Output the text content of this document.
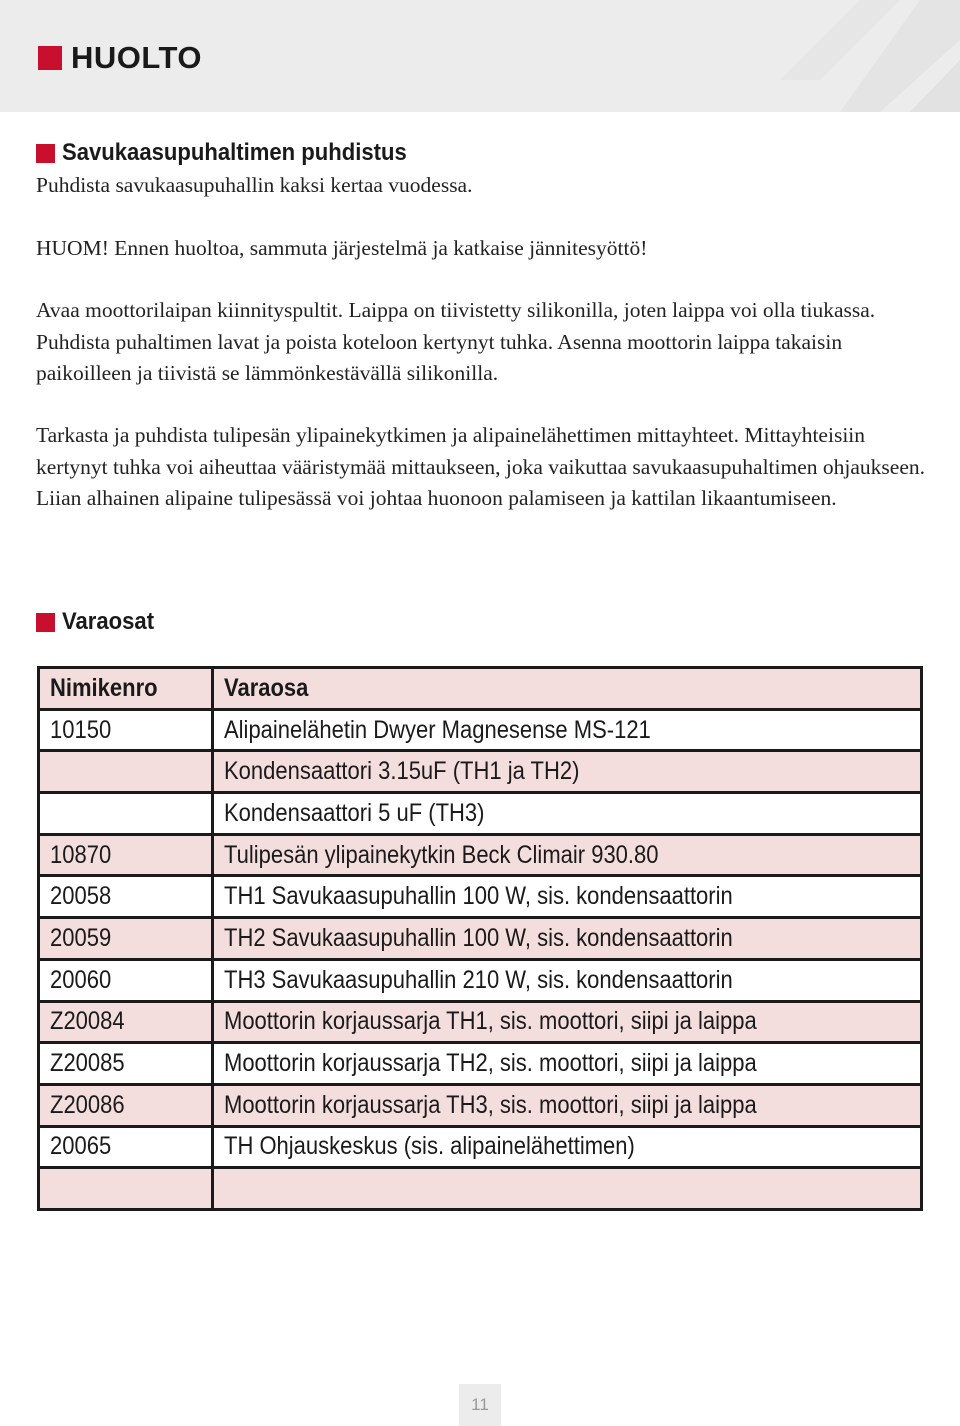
HUOLTO
Savukaasupuhaltimen puhdistus

Puhdista savukaasupuhallin kaksi kertaa vuodessa.

HUOM! Ennen huoltoa, sammuta järjestelmä ja katkaise jännitesyöttö!

Avaa moottorilaipan kiinnityspultit. Laippa on tiivistetty silikonilla, joten laippa voi olla tiukassa. Puhdista puhaltimen lavat ja poista koteloon kertynyt tuhka. Asenna moottorin laippa takaisin paikoilleen ja tiivistä se lämmönkestävällä silikonilla.

Tarkasta ja puhdista tulipesän ylipainekytkimen ja alipainelähettimen mittayhteet. Mittayhteisiin kertynyt tuhka voi aiheuttaa vääristymää mittaukseen, joka vaikuttaa savukaasupuhaltimen ohjaukseen. Liian alhainen alipaine tulipesässä voi johtaa huonoon palamiseen ja kattilan likaantumiseen.

Varaosat
Nimikenro	Varaosa
10150	Alipainelähetin Dwyer Magnesense MS-121
	Kondensaattori 3.15uF (TH1 ja TH2)
	Kondensaattori 5 uF (TH3)
10870	Tulipesän ylipainekytkin Beck Climair 930.80
20058	TH1 Savukaasupuhallin 100 W, sis. kondensaattorin
20059	TH2 Savukaasupuhallin 100 W, sis. kondensaattorin
20060	TH3 Savukaasupuhallin 210 W, sis. kondensaattorin
Z20084	Moottorin korjaussarja TH1, sis. moottori, siipi ja laippa
Z20085	Moottorin korjaussarja TH2, sis. moottori, siipi ja laippa
Z20086	Moottorin korjaussarja TH3, sis. moottori, siipi ja laippa
20065	TH Ohjauskeskus (sis. alipainelähettimen)

11
